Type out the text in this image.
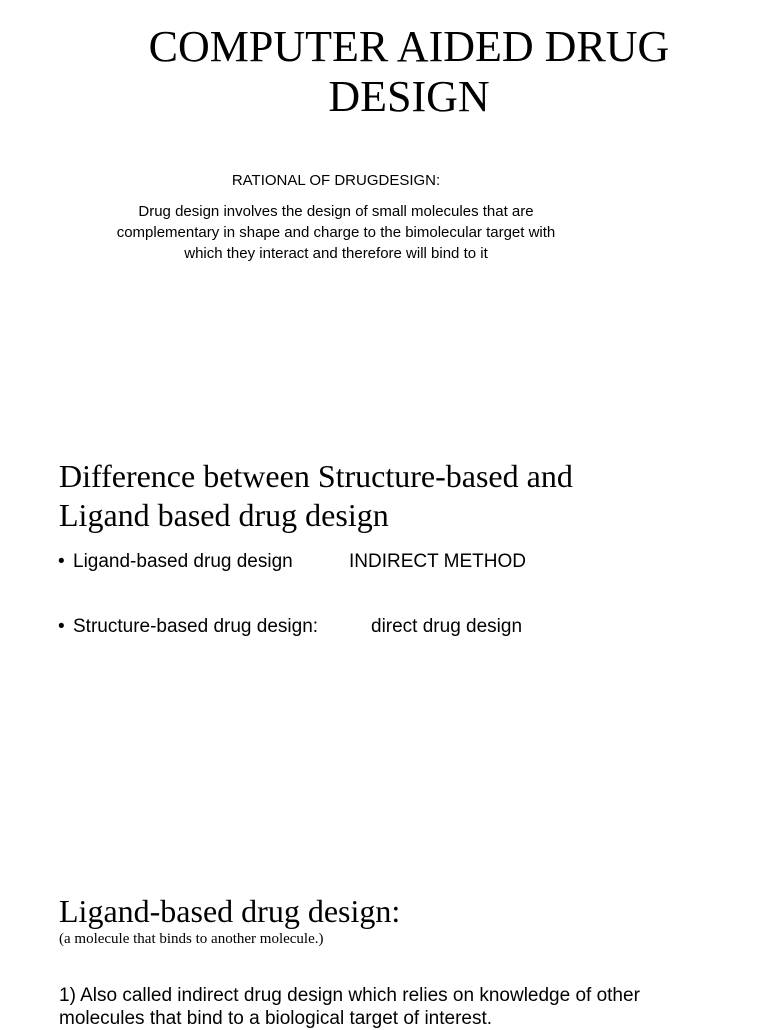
COMPUTER AIDED DRUG
DESIGN
RATIONAL OF DRUGDESIGN:
Drug design involves the design of small molecules that are
complementary in shape and charge to the bimolecular target with
which they interact and therefore will bind to it
Difference between Structure-based and
Ligand based drug design
• Ligand-based drug design	INDIRECT METHOD
• Structure-based drug design:	direct drug design
Ligand-based drug design:
(a molecule that binds to another molecule.)
1) Also called indirect drug design which relies on knowledge of other
molecules that bind to a biological target of interest.
